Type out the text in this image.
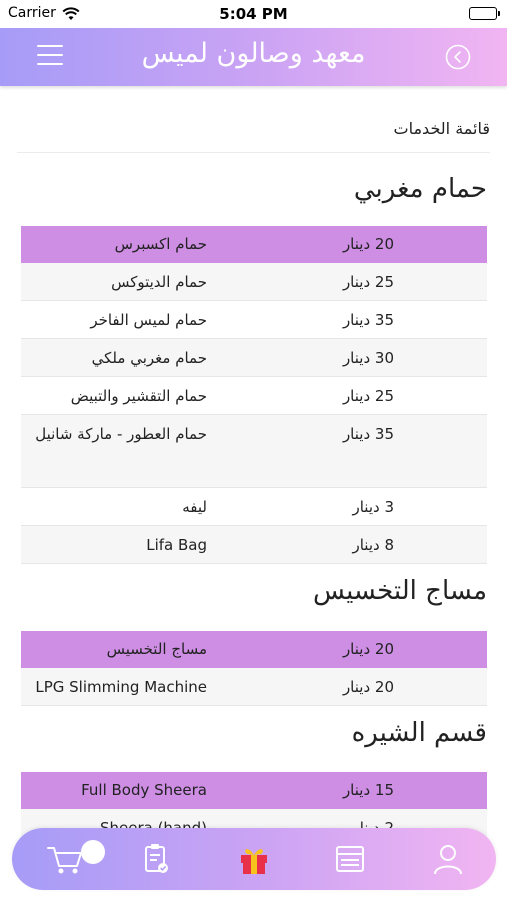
Carrier	5:04 PM
معهد وصالون لميس
قائمة الخدمات
حمام مغربي
20 دينار
حمام اكسبرس
25 دينار
حمام الديتوكس
35 دينار
حمام لميس الفاخر
30 دينار
حمام مغربي ملكي
25 دينار
حمام التقشير والتبيض
35 دينار
حمام العطور - ماركة شانيل
3 دينار
ليفه
8 دينار
Lifa Bag
مساج التخسيس
20 دينار
مساج التخسيس
20 دينار
LPG Slimming Machine
قسم الشيره
15 دينار
Full Body Sheera
